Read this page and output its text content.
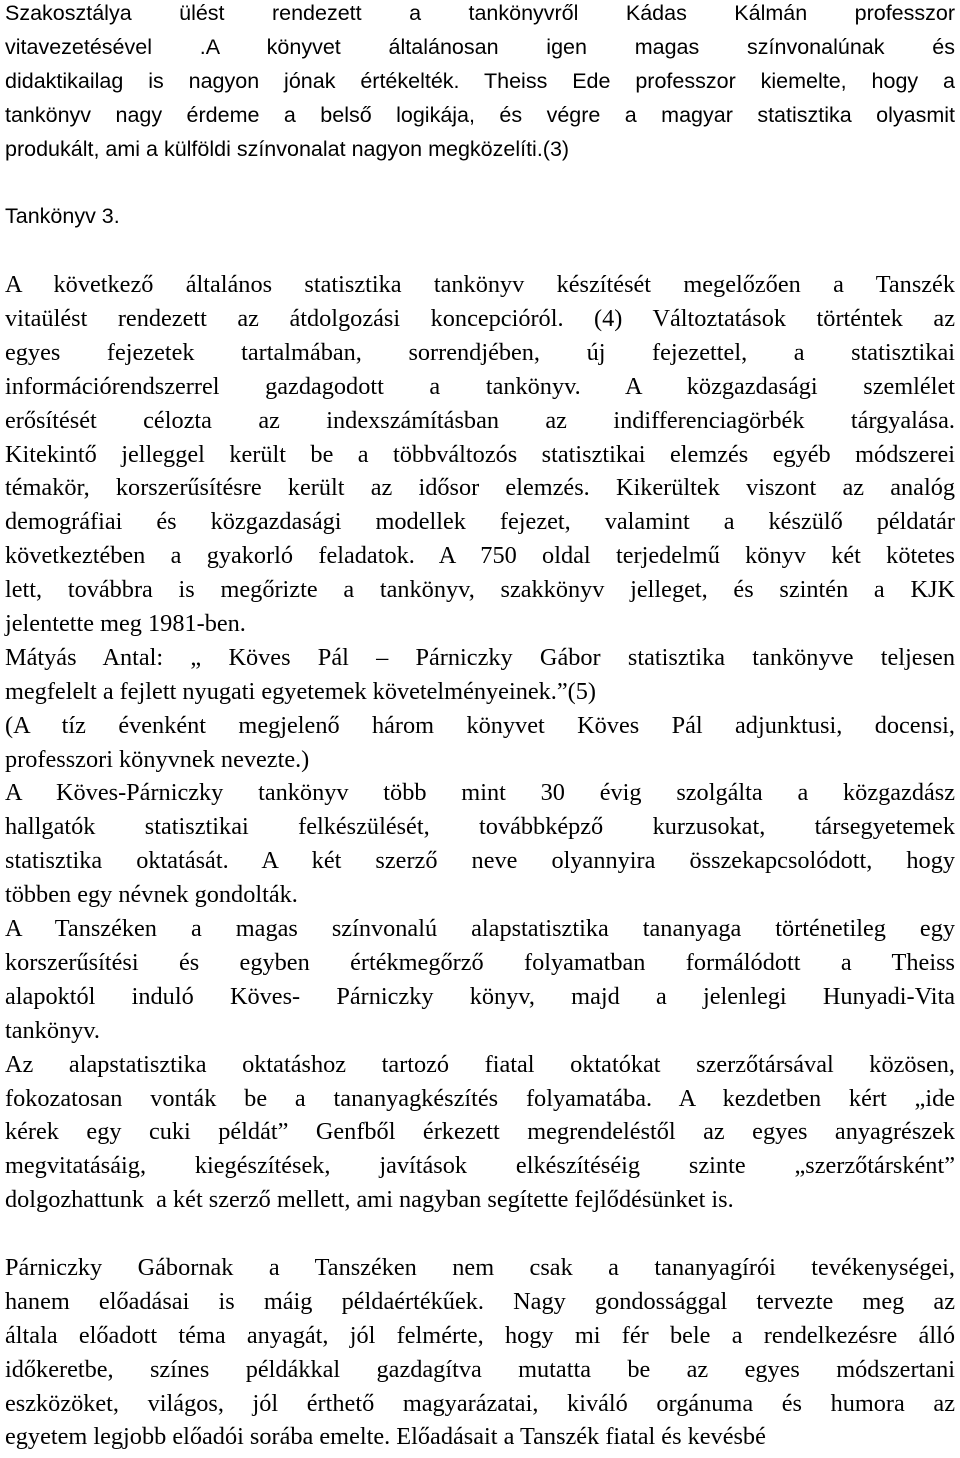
Szakosztálya ülést rendezett a tankönyvről Kádas Kálmán professzor
vitavezetésével .A könyvet általánosan igen magas színvonalúnak és
didaktikailag is nagyon jónak értékelték. Theiss Ede professzor kiemelte, hogy a
tankönyv nagy érdeme a belső logikája, és végre a magyar statisztika olyasmit
produkált, ami a külföldi színvonalat nagyon megközelíti.(3)
Tankönyv 3.
A következő általános statisztika tankönyv készítését megelőzően a Tanszék
vitaülést rendezett az átdolgozási koncepcióról. (4) Változtatások történtek az
egyes fejezetek tartalmában, sorrendjében, új fejezettel, a statisztikai
információrendszerrel gazdagodott a tankönyv. A közgazdasági szemlélet
erősítését célozta az indexszámításban az indifferenciagörbék tárgyalása.
Kitekintő jelleggel került be a többváltozós statisztikai elemzés egyéb módszerei
témakör, korszerűsítésre került az idősor elemzés. Kikerültek viszont az analóg
demográfiai és közgazdasági modellek fejezet, valamint a készülő példatár
következtében a gyakorló feladatok. A 750 oldal terjedelmű könyv két kötetes
lett, továbbra is megőrizte a tankönyv, szakkönyv jelleget, és szintén a KJK
jelentette meg 1981-ben.
Mátyás Antal: „ Köves Pál – Párniczky Gábor statisztika tankönyve teljesen
megfelelt a fejlett nyugati egyetemek követelményeinek.”(5)
(A tíz évenként megjelenő három könyvet Köves Pál adjunktusi, docensi,
professzori könyvnek nevezte.)
A Köves-Párniczky tankönyv több mint 30 évig szolgálta a közgazdász
hallgatók statisztikai felkészülését, továbbképző kurzusokat, társegyetemek
statisztika oktatását. A két szerző neve olyannyira összekapcsolódott, hogy
többen egy névnek gondolták.
A Tanszéken a magas színvonalú alapstatisztika tananyaga történetileg egy
korszerűsítési és egyben értékmegőrző folyamatban formálódott a Theiss
alapoktól induló Köves- Párniczky könyv, majd a jelenlegi Hunyadi-Vita
tankönyv.
Az alapstatisztika oktatáshoz tartozó fiatal oktatókat szerzőtársával közösen,
fokozatosan vonták be a tananyagkészítés folyamatába. A kezdetben kért „ide
kérek egy cuki példát” Genfből érkezett megrendeléstől az egyes anyagrészek
megvitatásáig, kiegészítések, javítások elkészítéséig szinte „szerzőtársként”
dolgozhattunk  a két szerző mellett, ami nagyban segítette fejlődésünket is.
Párniczky Gábornak a Tanszéken nem csak a tananyagírói tevékenységei,
hanem előadásai is máig példaértékűek. Nagy gondossággal tervezte meg az
általa előadott téma anyagát, jól felmérte, hogy mi fér bele a rendelkezésre álló
időkeretbe, színes példákkal gazdagítva mutatta be az egyes módszertani
eszközöket, világos, jól érthető magyarázatai, kiváló orgánuma és humora az
egyetem legjobb előadói sorába emelte. Előadásait a Tanszék fiatal és kevésbé
